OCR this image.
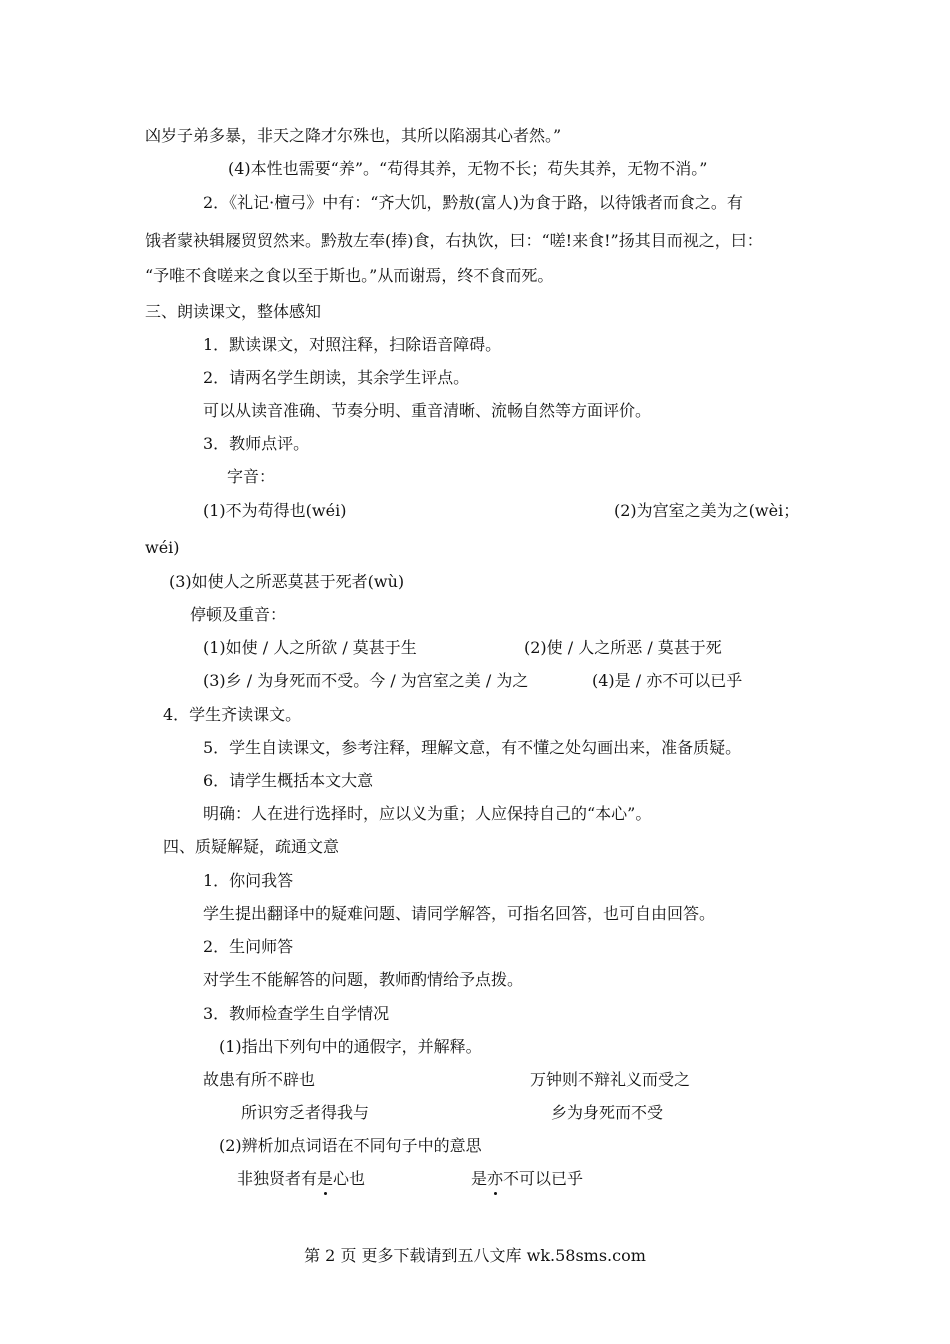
凶岁子弟多暴，非天之降才尔殊也，其所以陷溺其心者然。”
(4)本性也需要“养”。“苟得其养，无物不长；苟失其养，无物不消。”
2．《礼记·檀弓》中有：“齐大饥，黔敖(富人)为食于路，以待饿者而食之。有
饿者蒙袂辑屦贸贸然来。黔敖左奉(捧)食，右执饮，曰：“嗟!来食!”扬其目而视之，曰：
“予唯不食嗟来之食以至于斯也。”从而谢焉，终不食而死。
三、朗读课文，整体感知
1．默读课文，对照注释，扫除语音障碍。
2．请两名学生朗读，其余学生评点。
可以从读音准确、节奏分明、重音清晰、流畅自然等方面评价。
3．教师点评。
字音：
(1)不为苟得也(wéi)	(2)为宫室之美为之(wèi；
wéi)
(3)如使人之所恶莫甚于死者(wù)
停顿及重音：
(1)如使 / 人之所欲 / 莫甚于生	(2)使 / 人之所恶 / 莫甚于死
(3)乡 / 为身死而不受。今 / 为宫室之美 / 为之	(4)是 / 亦不可以已乎
4．学生齐读课文。
5．学生自读课文，参考注释，理解文意，有不懂之处勾画出来，准备质疑。
6．请学生概括本文大意
明确：人在进行选择时，应以义为重；人应保持自己的“本心”。
四、质疑解疑，疏通文意
1．你问我答
学生提出翻译中的疑难问题、请同学解答，可指名回答，也可自由回答。
2．生问师答
对学生不能解答的问题，教师酌情给予点拨。
3．教师检查学生自学情况
(1)指出下列句中的通假字，并解释。
故患有所不辟也	万钟则不辩礼义而受之
所识穷乏者得我与	乡为身死而不受
(2)辨析加点词语在不同句子中的意思
非独贤者有是心也	是亦不可以已乎
第 2 页 更多下载请到五八文库 wk.58sms.com
